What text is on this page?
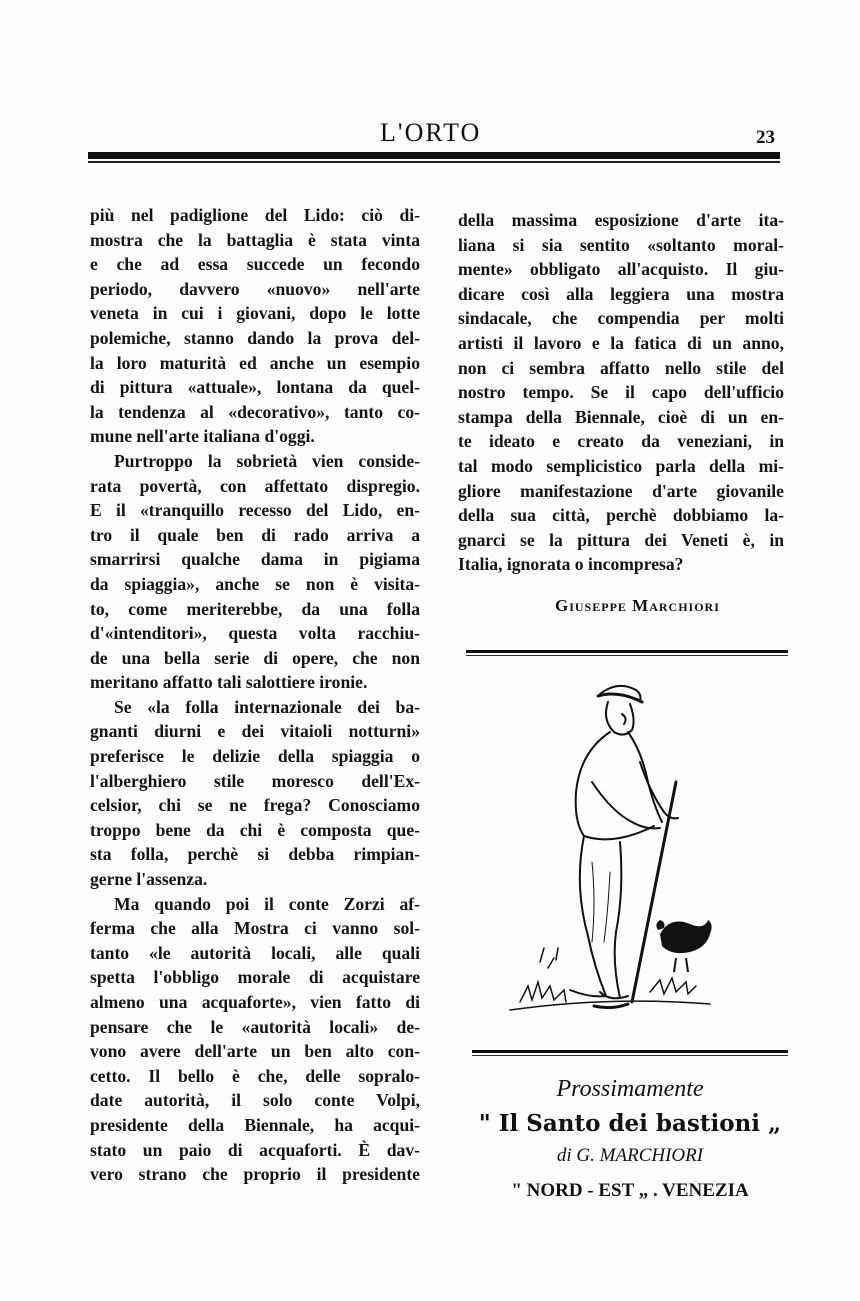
L'ORTO	23
più nel padiglione del Lido: ciò di-
mostra che la battaglia è stata vinta
e che ad essa succede un fecondo
periodo, davvero «nuovo» nell'arte
veneta in cui i giovani, dopo le lotte
polemiche, stanno dando la prova del-
la loro maturità ed anche un esempio
di pittura «attuale», lontana da quel-
la tendenza al «decorativo», tanto co-
mune nell'arte italiana d'oggi.
Purtroppo la sobrietà vien conside-
rata povertà, con affettato dispregio.
E il «tranquillo recesso del Lido, en-
tro il quale ben di rado arriva a
smarrirsi qualche dama in pigiama
da spiaggia», anche se non è visita-
to, come meriterebbe, da una folla
d'«intenditori», questa volta racchiu-
de una bella serie di opere, che non
meritano affatto tali salottiere ironie.
Se «la folla internazionale dei ba-
gnanti diurni e dei vitaioli notturni»
preferisce le delizie della spiaggia o
l'alberghiero stile moresco dell'Ex-
celsior, chi se ne frega? Conosciamo
troppo bene da chi è composta que-
sta folla, perchè si debba rimpian-
gerne l'assenza.
Ma quando poi il conte Zorzi af-
ferma che alla Mostra ci vanno sol-
tanto «le autorità locali, alle quali
spetta l'obbligo morale di acquistare
almeno una acquaforte», vien fatto di
pensare che le «autorità locali» de-
vono avere dell'arte un ben alto con-
cetto. Il bello è che, delle sopralo-
date autorità, il solo conte Volpi,
presidente della Biennale, ha acqui-
stato un paio di acquaforti. È dav-
vero strano che proprio il presidente
della massima esposizione d'arte ita-
liana si sia sentito «soltanto moral-
mente» obbligato all'acquisto. Il giu-
dicare così alla leggiera una mostra
sindacale, che compendia per molti
artisti il lavoro e la fatica di un anno,
non ci sembra affatto nello stile del
nostro tempo. Se il capo dell'ufficio
stampa della Biennale, cioè di un en-
te ideato e creato da veneziani, in
tal modo semplicistico parla della mi-
gliore manifestazione d'arte giovanile
della sua città, perchè dobbiamo la-
gnarci se la pittura dei Veneti è, in
Italia, ignorata o incompresa?
Giuseppe Marchiori
Prossimamente
" Il Santo dei bastioni „
di G. MARCHIORI
" NORD - EST „ . VENEZIA
